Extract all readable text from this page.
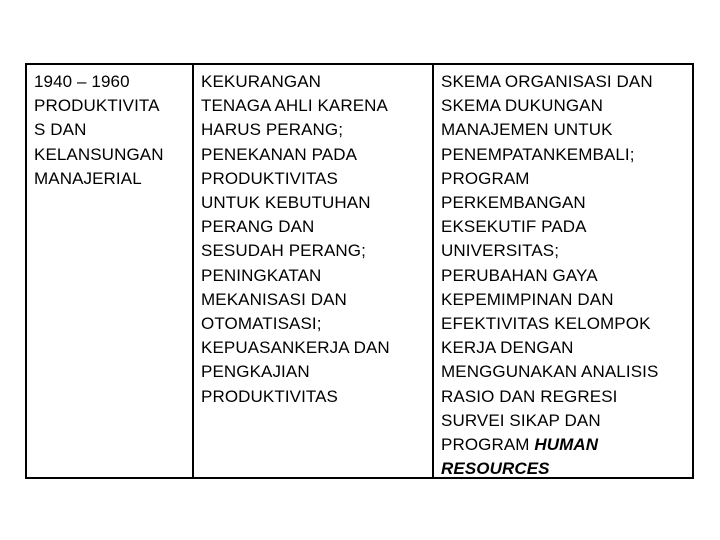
1940 – 1960
PRODUKTIVITA
S DAN
KELANSUNGAN
MANAJERIAL
KEKURANGAN
TENAGA AHLI KARENA
HARUS PERANG;
PENEKANAN PADA
PRODUKTIVITAS
UNTUK KEBUTUHAN
PERANG DAN
SESUDAH PERANG;
PENINGKATAN
MEKANISASI DAN
OTOMATISASI;
KEPUASANKERJA DAN
PENGKAJIAN
PRODUKTIVITAS
SKEMA ORGANISASI DAN
SKEMA DUKUNGAN
MANAJEMEN UNTUK
PENEMPATANKEMBALI;
PROGRAM
PERKEMBANGAN
EKSEKUTIF PADA
UNIVERSITAS;
PERUBAHAN GAYA
KEPEMIMPINAN DAN
EFEKTIVITAS KELOMPOK
KERJA DENGAN
MENGGUNAKAN ANALISIS
RASIO DAN REGRESI
SURVEI SIKAP DAN
PROGRAM HUMAN
RESOURCES
